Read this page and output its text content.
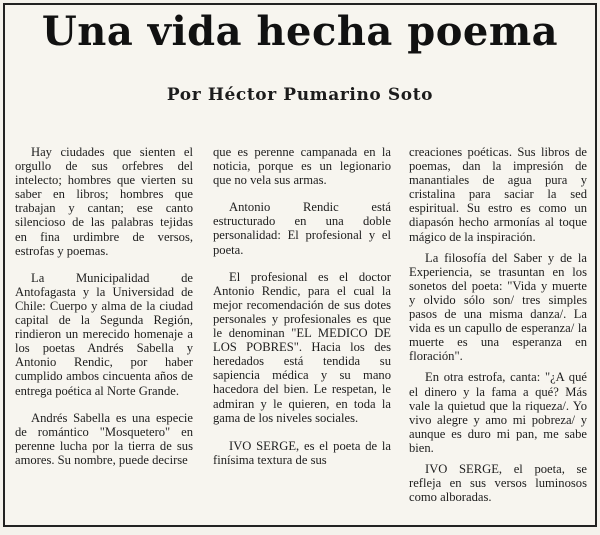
Una vida hecha poema
Por Héctor Pumarino Soto

Hay ciudades que sienten el orgullo de sus orfebres del intelecto; hombres que vierten su saber en libros; hombres que trabajan y cantan; ese canto silencioso de las palabras tejidas en fina urdimbre de versos, estrofas y poemas.

La Municipalidad de Antofagasta y la Universidad de Chile: Cuerpo y alma de la ciudad capital de la Segunda Región, rindieron un merecido homenaje a los poetas Andrés Sabella y Antonio Rendic, por haber cumplido ambos cincuenta años de entrega poética al Norte Grande.

Andrés Sabella es una especie de romántico "Mosquetero" en perenne lucha por la tierra de sus amores. Su nombre, puede decirse

que es perenne campanada en la noticia, porque es un legionario que no vela sus armas.

Antonio Rendic está estructurado en una doble personalidad: El profesional y el poeta.

El profesional es el doctor Antonio Rendic, para el cual la mejor recomendación de sus dotes personales y profesionales es que le denominan "EL MEDICO DE LOS POBRES". Hacia los des heredados está tendida su sapiencia médica y su mano hacedora del bien. Le respetan, le admiran y le quieren, en toda la gama de los niveles sociales.

IVO SERGE, es el poeta de la finísima textura de sus

creaciones poéticas. Sus libros de poemas, dan la impresión de manantiales de agua pura y cristalina para saciar la sed espiritual. Su estro es como un diapasón hecho armonías al toque mágico de la inspiración.

La filosofía del Saber y de la Experiencia, se trasuntan en los sonetos del poeta: "Vida y muerte y olvido sólo son/ tres simples pasos de una misma danza/. La vida es un capullo de esperanza/ la muerte es una esperanza en floración".

En otra estrofa, canta: "¿A qué el dinero y la fama a qué? Más vale la quietud que la riqueza/. Yo vivo alegre y amo mi pobreza/ y aunque es duro mi pan, me sabe bien.

IVO SERGE, el poeta, se refleja en sus versos luminosos como alboradas.
